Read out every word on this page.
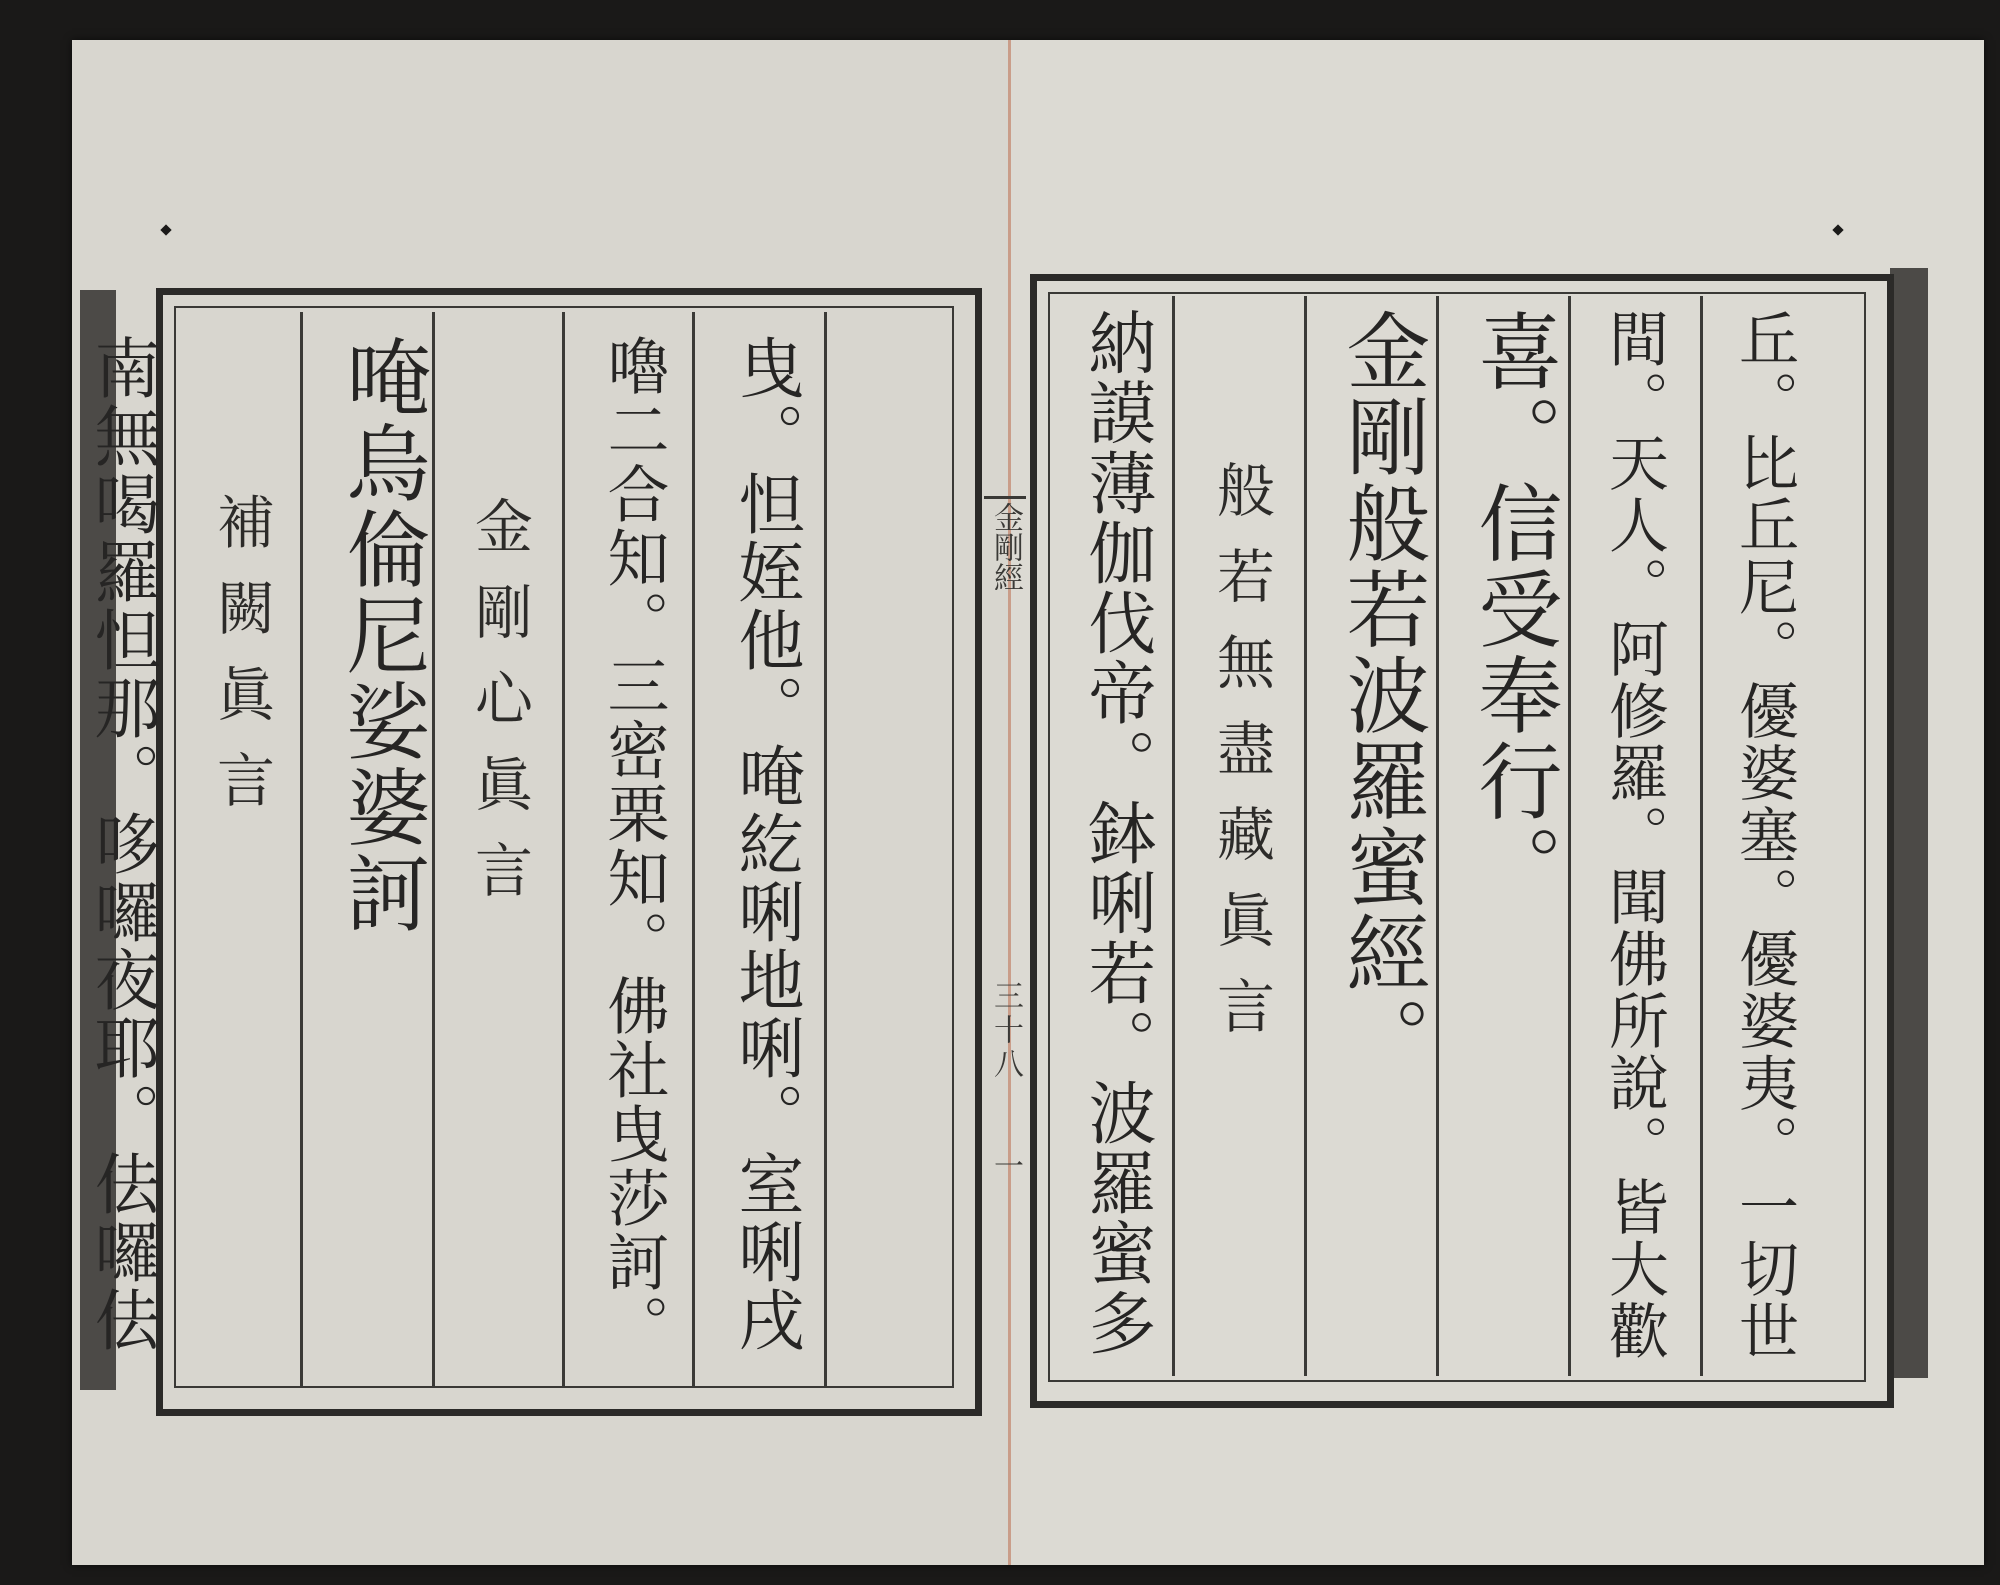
丘。比丘尼。優婆塞。優婆夷。一切世
間。天人。阿修羅。聞佛所說。皆大歡
喜。信受奉行。
金剛般若波羅蜜經。
般若無盡藏眞言
納謨薄伽伐帝。鉢唎若。波羅蜜多
金剛經
三十八
一
曳。怛姪他。唵紇唎地唎。室唎戌
嚕二合知。三密栗知。佛社曳莎訶。
金剛心眞言
唵烏倫尼娑婆訶
補闕眞言
南無喝羅怛那。哆囉夜耶。佉囉佉
